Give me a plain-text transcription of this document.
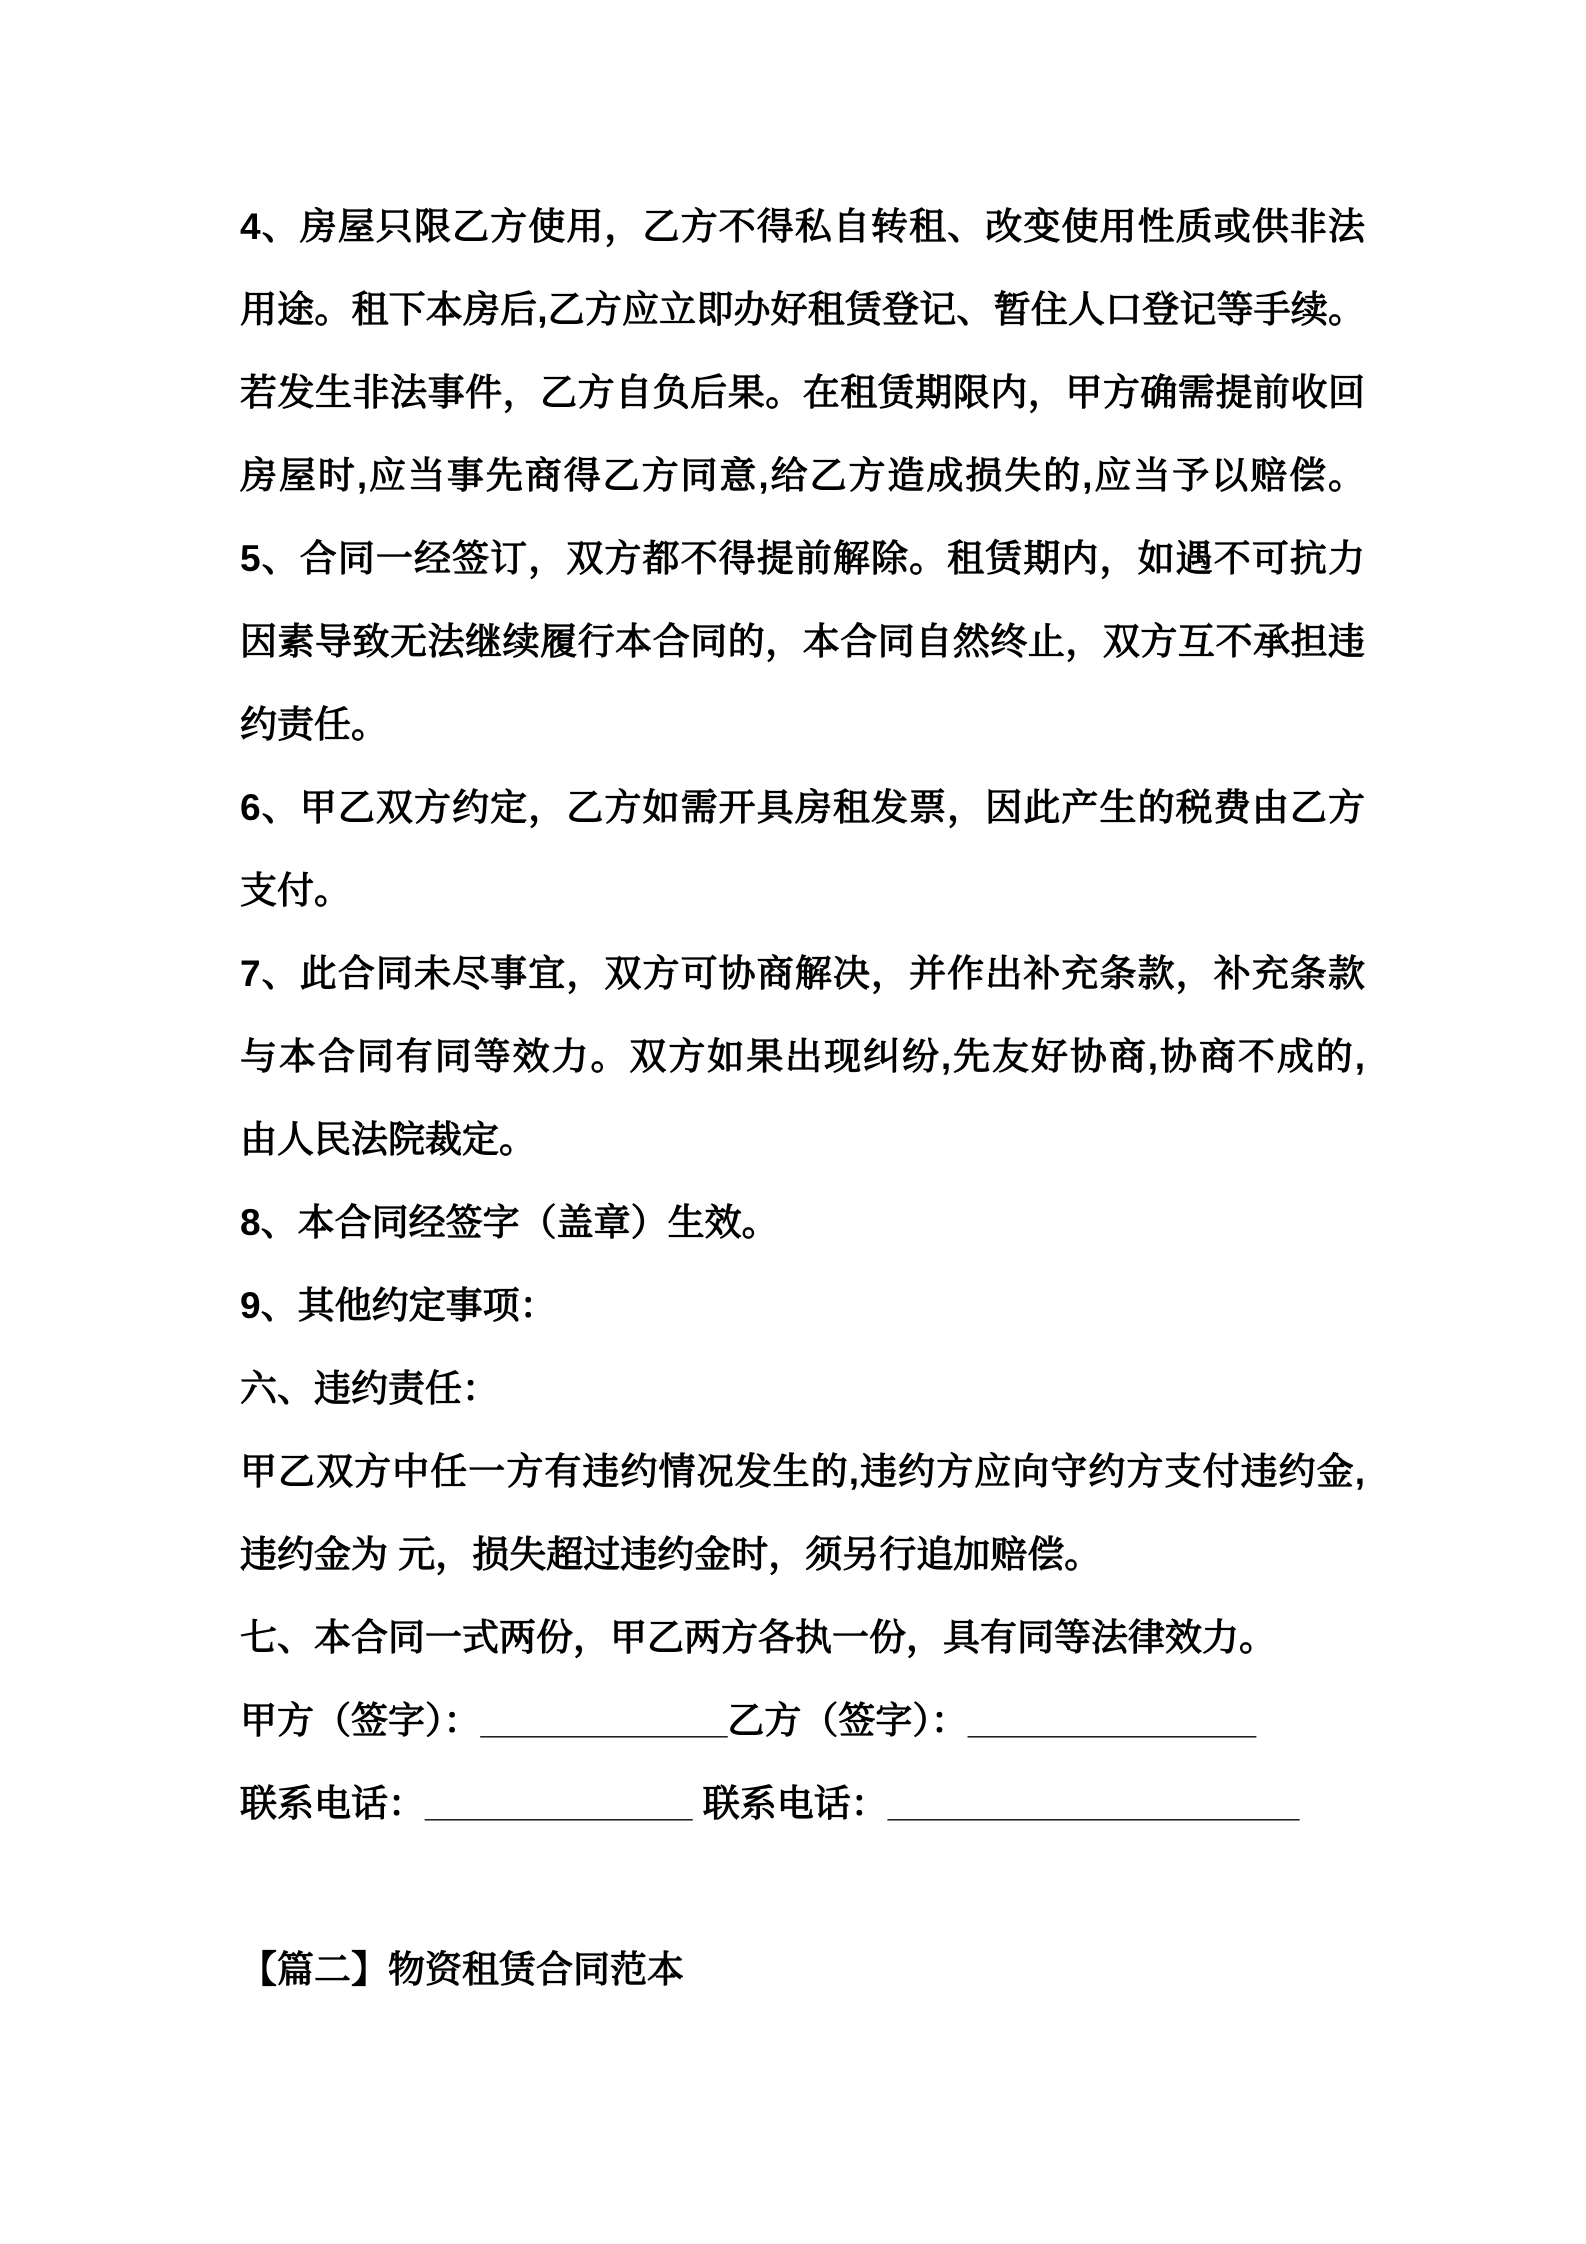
4、房屋只限乙方使用，乙方不得私自转租、改变使用性质或供非法
用途。租下本房后,乙方应立即办好租赁登记、暂住人口登记等手续。
若发生非法事件，乙方自负后果。在租赁期限内，甲方确需提前收回
房屋时,应当事先商得乙方同意,给乙方造成损失的,应当予以赔偿。
5、合同一经签订，双方都不得提前解除。租赁期内，如遇不可抗力
因素导致无法继续履行本合同的，本合同自然终止，双方互不承担违
约责任。
6、甲乙双方约定，乙方如需开具房租发票，因此产生的税费由乙方
支付。
7、此合同未尽事宜，双方可协商解决，并作出补充条款，补充条款
与本合同有同等效力。双方如果出现纠纷,先友好协商,协商不成的,
由人民法院裁定。
8、本合同经签字（盖章）生效。
9、其他约定事项：
六、违约责任：
甲乙双方中任一方有违约情况发生的,违约方应向守约方支付违约金,
违约金为 元，损失超过违约金时，须另行追加赔偿。
七、本合同一式两份，甲乙两方各执一份，具有同等法律效力。
甲方（签字）：____________乙方（签字）：______________
联系电话：_____________ 联系电话：____________________
【篇二】物资租赁合同范本
